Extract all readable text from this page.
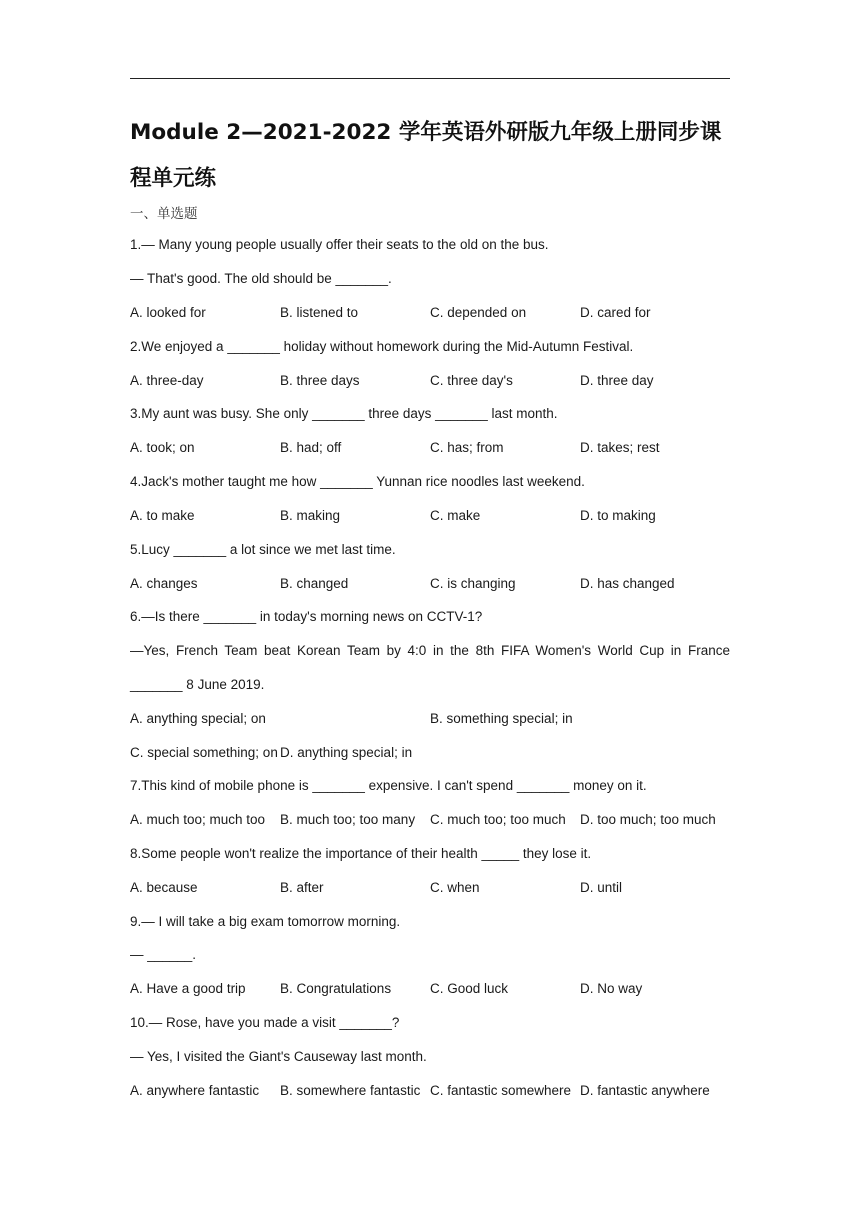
Module 2—2021-2022 学年英语外研版九年级上册同步课程单元练
一、单选题
1.— Many young people usually offer their seats to the old on the bus.
— That's good. The old should be _______.
A. looked for	B. listened to	C. depended on	D. cared for
2.We enjoyed a _______ holiday without homework during the Mid-Autumn Festival.
A. three-day	B. three days	C. three day's	D. three day
3.My aunt was busy. She only _______ three days _______ last month.
A. took; on	B. had; off	C. has; from	D. takes; rest
4.Jack's mother taught me how _______ Yunnan rice noodles last weekend.
A. to make	B. making	C. make	D. to making
5.Lucy _______ a lot since we met last time.
A. changes	B. changed	C. is changing	D. has changed
6.—Is there _______ in today's morning news on CCTV-1?
—Yes, French Team beat Korean Team by 4:0 in the 8th FIFA Women's World Cup in France
_______ 8 June 2019.
A. anything special; on	B. something special; in
C. special something; on D. anything special; in
7.This kind of mobile phone is _______ expensive. I can't spend _______ money on it.
A. much too; much too B. much too; too many C. much too; too much D. too much; too much
8.Some people won't realize the importance of their health _____ they lose it.
A. because	B. after	C. when	D. until
9.— I will take a big exam tomorrow morning.
— ______.
A. Have a good trip	B. Congratulations	C. Good luck	D. No way
10.— Rose, have you made a visit _______?
— Yes, I visited the Giant's Causeway last month.
A. anywhere fantastic B. somewhere fantastic C. fantastic somewhere D. fantastic anywhere
